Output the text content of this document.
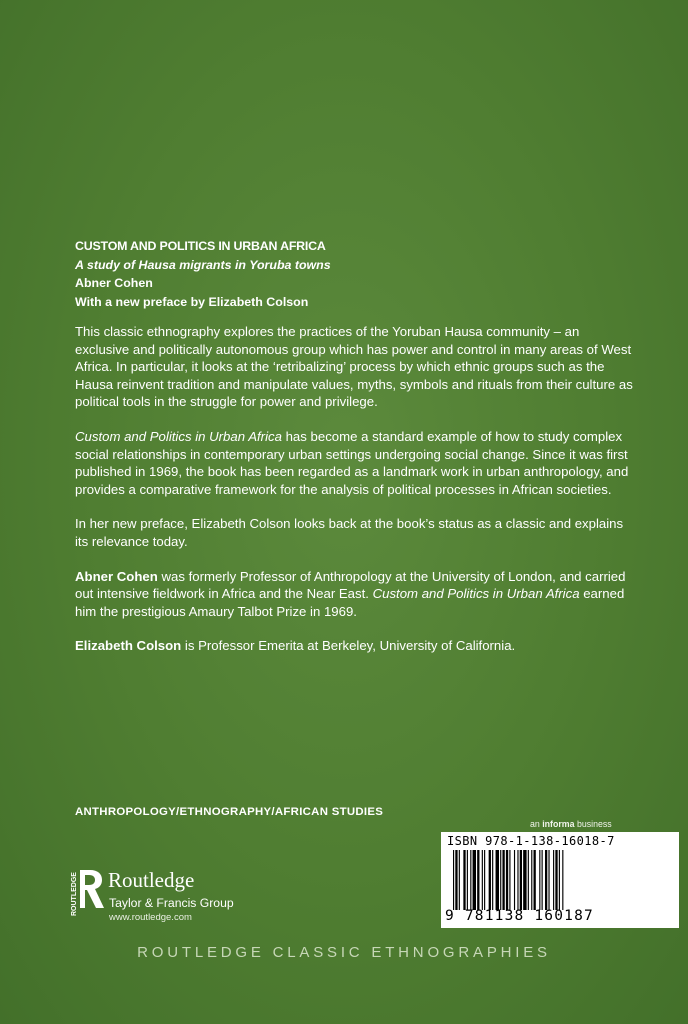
CUSTOM AND POLITICS IN URBAN AFRICA
A study of Hausa migrants in Yoruba towns
Abner Cohen
With a new preface by Elizabeth Colson

This classic ethnography explores the practices of the Yoruban Hausa community – an exclusive and politically autonomous group which has power and control in many areas of West Africa. In particular, it looks at the ‘retribalizing’ process by which ethnic groups such as the Hausa reinvent tradition and manipulate values, myths, symbols and rituals from their culture as political tools in the struggle for power and privilege.

Custom and Politics in Urban Africa has become a standard example of how to study complex social relationships in contemporary urban settings undergoing social change. Since it was first published in 1969, the book has been regarded as a landmark work in urban anthropology, and provides a comparative framework for the analysis of political processes in African societies.

In her new preface, Elizabeth Colson looks back at the book’s status as a classic and explains its relevance today.

Abner Cohen was formerly Professor of Anthropology at the University of London, and carried out intensive fieldwork in Africa and the Near East. Custom and Politics in Urban Africa earned him the prestigious Amaury Talbot Prize in 1969.

Elizabeth Colson is Professor Emerita at Berkeley, University of California.

ANTHROPOLOGY/ETHNOGRAPHY/AFRICAN STUDIES
an informa business
ISBN 978-1-138-16018-7
9 781138 160187
ROUTLEDGE Routledge
Taylor & Francis Group
www.routledge.com
ROUTLEDGE CLASSIC ETHNOGRAPHIES
